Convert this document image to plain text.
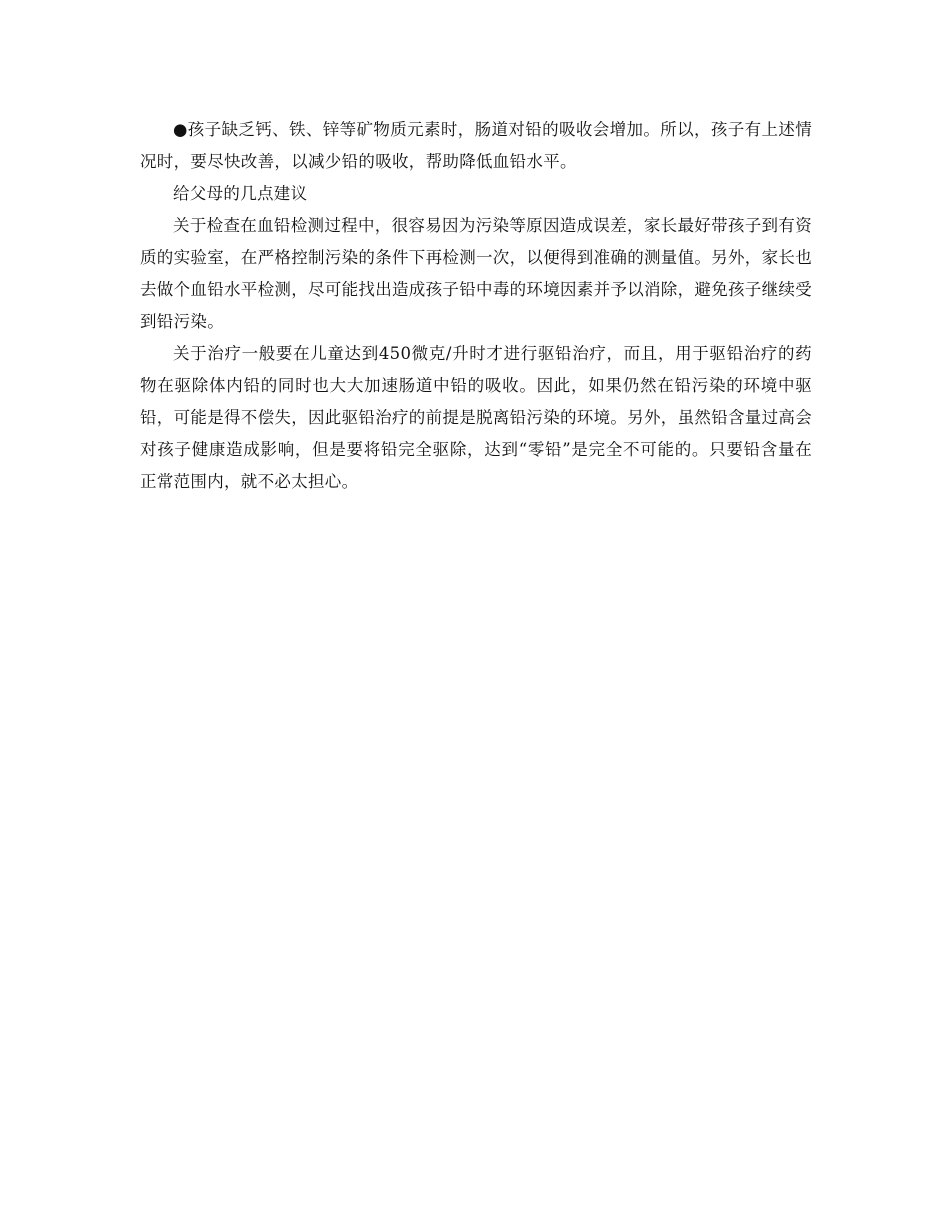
●孩子缺乏钙、铁、锌等矿物质元素时，肠道对铅的吸收会增加。所以，孩子有上述情况时，要尽快改善，以减少铅的吸收，帮助降低血铅水平。

给父母的几点建议

关于检查在血铅检测过程中，很容易因为污染等原因造成误差，家长最好带孩子到有资质的实验室，在严格控制污染的条件下再检测一次，以便得到准确的测量值。另外，家长也去做个血铅水平检测，尽可能找出造成孩子铅中毒的环境因素并予以消除，避免孩子继续受到铅污染。

关于治疗一般要在儿童达到450微克/升时才进行驱铅治疗，而且，用于驱铅治疗的药物在驱除体内铅的同时也大大加速肠道中铅的吸收。因此，如果仍然在铅污染的环境中驱铅，可能是得不偿失，因此驱铅治疗的前提是脱离铅污染的环境。另外，虽然铅含量过高会对孩子健康造成影响，但是要将铅完全驱除，达到“零铅”是完全不可能的。只要铅含量在正常范围内，就不必太担心。
